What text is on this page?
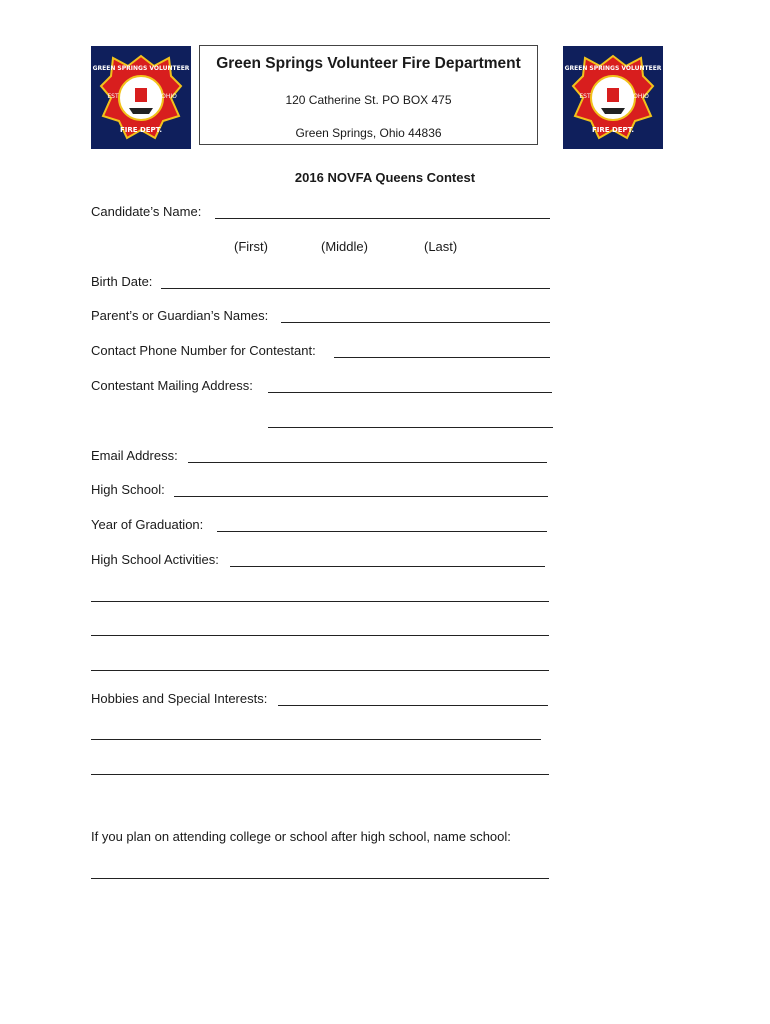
GREEN SPRINGS VOLUNTEER
FIRE DEPT.
EST	OHIO
GREEN SPRINGS VOLUNTEER
FIRE DEPT.
EST	OHIO
Green Springs Volunteer Fire Department
120 Catherine St. PO BOX 475
Green Springs, Ohio 44836
2016 NOVFA Queens Contest
Candidate’s Name:
(First)	(Middle)	(Last)
Birth Date:
Parent’s or Guardian’s Names:
Contact Phone Number for Contestant:
Contestant Mailing Address:
Email Address:
High School:
Year of Graduation:
High School Activities:
Hobbies and Special Interests:
If you plan on attending college or school after high school, name school:
